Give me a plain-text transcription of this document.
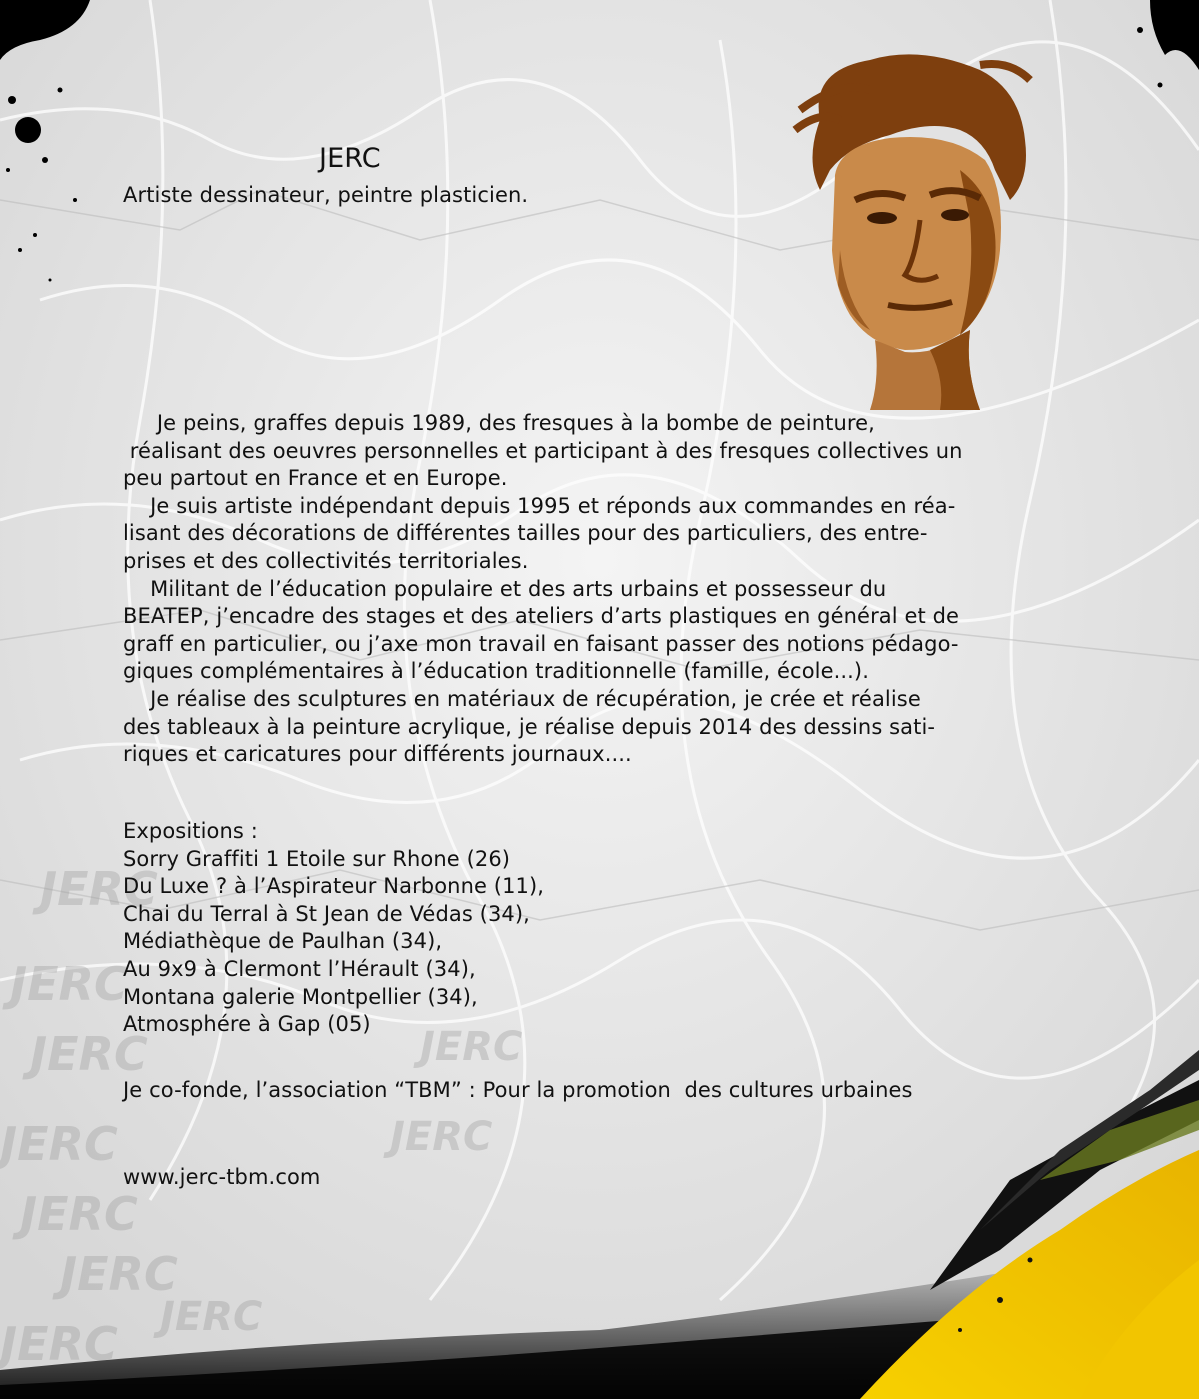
JERC
JERC
JERC	JERC
JERC	JERC
JERC
JERC
JERC JERC
JERC
Artiste dessinateur, peintre plasticien.
Je peins, graffes depuis 1989, des fresques à la bombe de peinture,
réalisant des oeuvres personnelles et participant à des fresques collectives un
peu partout en France et en Europe.
Je suis artiste indépendant depuis 1995 et réponds aux commandes en réa-
lisant des décorations de différentes tailles pour des particuliers, des entre-
prises et des collectivités territoriales.
Militant de l’éducation populaire et des arts urbains et possesseur du
BEATEP, j’encadre des stages et des ateliers d’arts plastiques en général et de
graff en particulier, ou j’axe mon travail en faisant passer des notions pédago-
giques complémentaires à l’éducation traditionnelle (famille, école...).
Je réalise des sculptures en matériaux de récupération, je crée et réalise
des tableaux à la peinture acrylique, je réalise depuis 2014 des dessins sati-
riques et caricatures pour différents journaux....
Expositions :
Sorry Graffiti 1 Etoile sur Rhone (26)
Du Luxe ? à l’Aspirateur Narbonne (11),
Chai du Terral à St Jean de Védas (34),
Médiathèque de Paulhan (34),
Au 9x9 à Clermont l’Hérault (34),
Montana galerie Montpellier (34),
Atmosphére à Gap (05)
Je co-fonde, l’association “TBM” : Pour la promotion  des cultures urbaines
www.jerc-tbm.com
